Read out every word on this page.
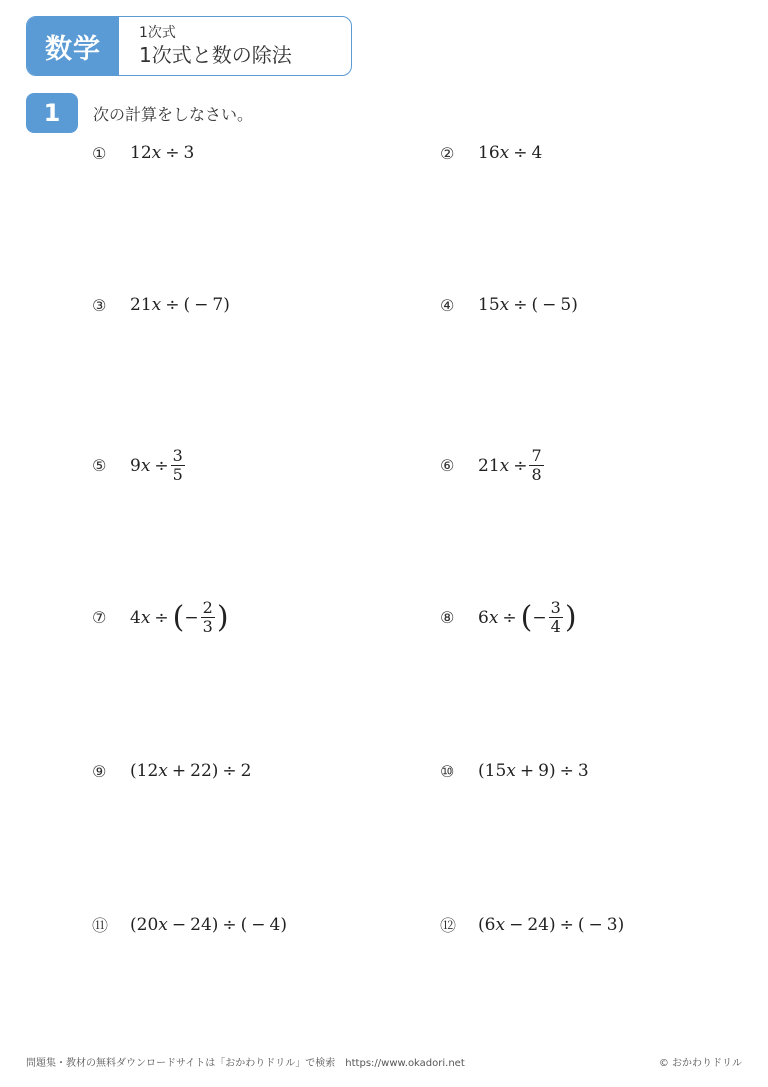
数学
1次式
1次式と数の除法
1	次の計算をしなさい。
①	12 x ÷ 3	②	16 x ÷ 4
③	21 x ÷ ( − 7 )	④	15 x ÷ ( − 5 )
⑤	9 $x \div \frac{3}{5}$	⑥	21 $x \div \frac{7}{8}$
⑦	4 x ÷ ( − $\frac{2}{3}$ )	⑧	6 x ÷ ( − $\frac{3}{4}$ )
⑨	( 12 x + 22 ) ÷ 2	⑩	( 15 x + 9 ) ÷ 3
⑪	( 20 x − 24 ) ÷ ( − 4 )	⑫	( 6 x − 24 ) ÷ ( − 3 )
問題集・教材の無料ダウンロードサイトは「おかわりドリル」で検索　https://www.okadori.net	© おかわりドリル
